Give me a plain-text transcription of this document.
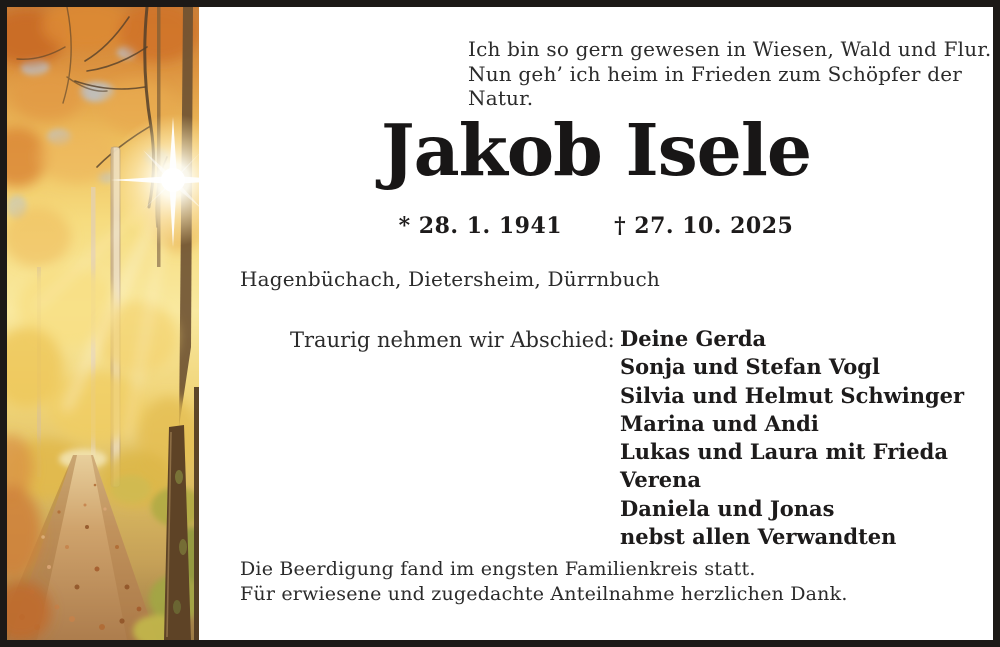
Ich bin so gern gewesen in Wiesen, Wald und Flur.
Nun geh’ ich heim in Frieden zum Schöpfer der Natur.
Jakob Isele
* 28. 1. 1941 † 27. 10. 2025
Hagenbüchach, Dietersheim, Dürrnbuch
Traurig nehmen wir Abschied: Deine Gerda
Sonja und Stefan Vogl
Silvia und Helmut Schwinger
Marina und Andi
Lukas und Laura mit Frieda
Verena
Daniela und Jonas
nebst allen Verwandten
Die Beerdigung fand im engsten Familienkreis statt.
Für erwiesene und zugedachte Anteilnahme herzlichen Dank.
